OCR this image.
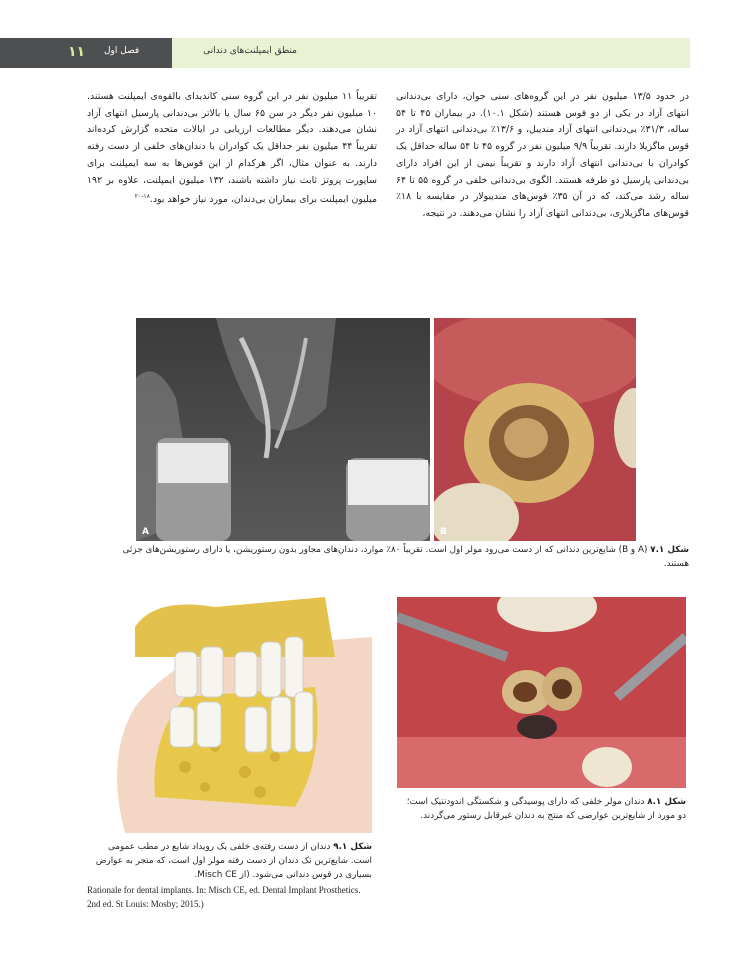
۱۱ فصل اول	منطق ایمپلنت‌های دندانی
در حدود ۱۳/۵ میلیون نفر در این گروه‌های سنی جوان، دارای بی‌دندانی انتهای آزاد در یکی از دو قوس هستند (شکل ۱۰.۱). در بیماران ۴۵ تا ۵۴ ساله، ۳۱/۳٪ بی‌دندانی انتهای آزاد مندیبل، و ۱۳/۶٪ بی‌دندانی انتهای آزاد در قوس ماگزیلا دارند. تقریباً ۹/۹ میلیون نفر در گروه ۴۵ تا ۵۴ ساله حداقل یک کوادران با بی‌دندانی انتهای آزاد دارند و تقریباً نیمی از این افراد دارای بی‌دندانی پارسیل دو طرفه هستند. الگوی بی‌دندانی خلفی در گروه ۵۵ تا ۶۴ ساله رشد می‌کند، که در آن ۳۵٪ قوس‌های مندیبولار در مقایسه با ۱۸٪ قوس‌های ماگزیلاری، بی‌دندانی انتهای آزاد را نشان می‌دهند. در نتیجه،
تقریباً ۱۱ میلیون نفر در این گروه سنی کاندیدای بالقوه‌ی ایمپلنت هستند. ۱۰ میلیون نفر دیگر در سن ۶۵ سال یا بالاتر بی‌دندانی پارسیل انتهای آزاد نشان می‌دهند. دیگر مطالعات ارزیابی در ایالات متحده گزارش کرده‌اند تقریباً ۴۴ میلیون نفر حداقل یک کوادران با دندان‌های خلفی از دست رفته دارند. به عنوان مثال، اگر هرکدام از این قوس‌ها به سه ایمپلنت برای ساپورت پروتز ثابت نیاز داشته باشند، ۱۳۲ میلیون ایمپلنت، علاوه بر ۱۹۲ میلیون ایمپلنت برای بیماران بی‌دندان، مورد نیاز خواهد بود.$^{۱۸-۲۰}$
A	B
شکل ۷.۱ (A و B) شایع‌ترین دندانی که از دست می‌رود مولر اول است. تقریباً ۸۰٪ موارد، دندان‌های مجاور بدون رستوریشن، یا دارای رستوریشن‌های جزئی هستند.
شکل ۸.۱ دندان مولر خلفی که دارای پوسیدگی و شکستگی اندودنتیک است؛ دو مورد از شایع‌ترین عوارضی که منتج به دندان غیرقابل رستور می‌گردند.
شکل ۹.۱ دندان از دست رفته‌ی خلفی یک رویداد شایع در مطب عمومی است. شایع‌ترین تک دندان از دست رفته مولر اول است، که منجر به عوارض بسیاری در قوس دندانی می‌شود. (از Misch CE.
Rationale for dental implants. In: Misch CE, ed. Dental Implant Prosthetics. 2nd ed. St Louis: Mosby; 2015.)
